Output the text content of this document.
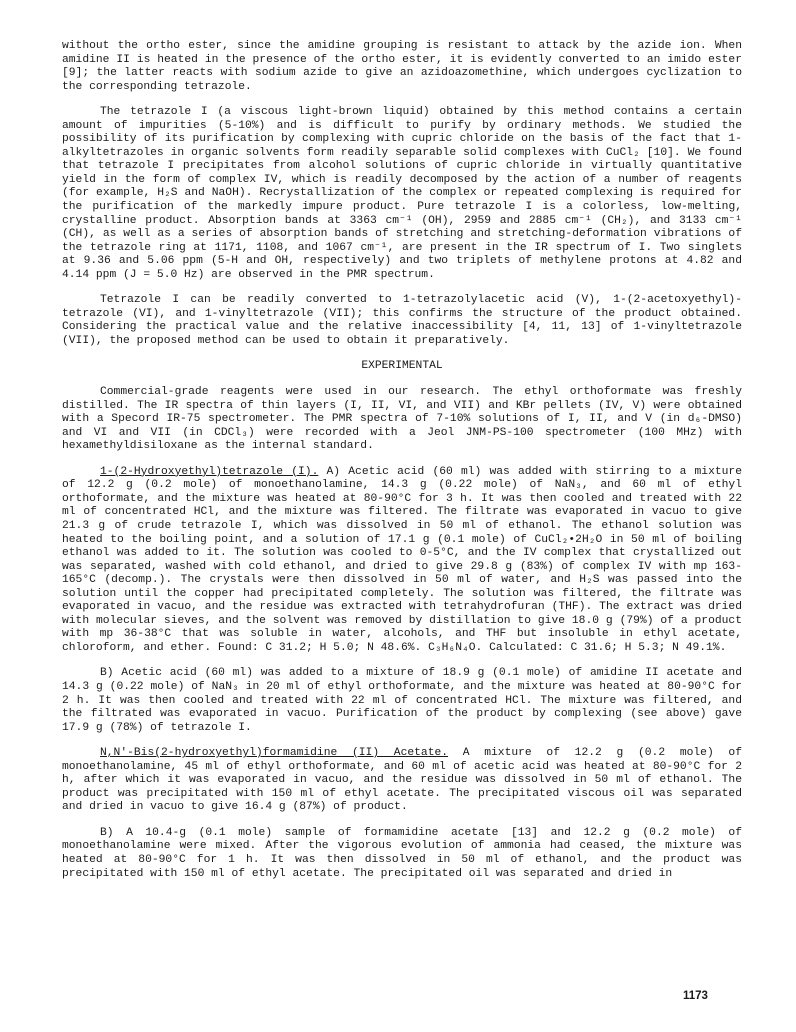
without the ortho ester, since the amidine grouping is resistant to attack by the azide ion. When amidine II is heated in the presence of the ortho ester, it is evidently converted to an imido ester [9]; the latter reacts with sodium azide to give an azidoazomethine, which undergoes cyclization to the corresponding tetrazole.

The tetrazole I (a viscous light-brown liquid) obtained by this method contains a certain amount of impurities (5-10%) and is difficult to purify by ordinary methods. We studied the possibility of its purification by complexing with cupric chloride on the basis of the fact that 1-alkyltetrazoles in organic solvents form readily separable solid complexes with CuCl₂ [10]. We found that tetrazole I precipitates from alcohol solutions of cupric chloride in virtually quantitative yield in the form of complex IV, which is readily decomposed by the action of a number of reagents (for example, H₂S and NaOH). Recrystallization of the complex or repeated complexing is required for the purification of the markedly impure product. Pure tetrazole I is a colorless, low-melting, crystalline product. Absorption bands at 3363 cm⁻¹ (OH), 2959 and 2885 cm⁻¹ (CH₂), and 3133 cm⁻¹ (CH), as well as a series of absorption bands of stretching and stretching-deformation vibrations of the tetrazole ring at 1171, 1108, and 1067 cm⁻¹, are present in the IR spectrum of I. Two singlets at 9.36 and 5.06 ppm (5-H and OH, respectively) and two triplets of methylene protons at 4.82 and 4.14 ppm (J = 5.0 Hz) are observed in the PMR spectrum.

Tetrazole I can be readily converted to 1-tetrazolylacetic acid (V), 1-(2-acetoxyethyl)-tetrazole (VI), and 1-vinyltetrazole (VII); this confirms the structure of the product obtained. Considering the practical value and the relative inaccessibility [4, 11, 13] of 1-vinyltetrazole (VII), the proposed method can be used to obtain it preparatively.

EXPERIMENTAL

Commercial-grade reagents were used in our research. The ethyl orthoformate was freshly distilled. The IR spectra of thin layers (I, II, VI, and VII) and KBr pellets (IV, V) were obtained with a Specord IR-75 spectrometer. The PMR spectra of 7-10% solutions of I, II, and V (in d₆-DMSO) and VI and VII (in CDCl₃) were recorded with a Jeol JNM-PS-100 spectrometer (100 MHz) with hexamethyldisiloxane as the internal standard.

1-(2-Hydroxyethyl)tetrazole (I). A) Acetic acid (60 ml) was added with stirring to a mixture of 12.2 g (0.2 mole) of monoethanolamine, 14.3 g (0.22 mole) of NaN₃, and 60 ml of ethyl orthoformate, and the mixture was heated at 80-90°C for 3 h. It was then cooled and treated with 22 ml of concentrated HCl, and the mixture was filtered. The filtrate was evaporated in vacuo to give 21.3 g of crude tetrazole I, which was dissolved in 50 ml of ethanol. The ethanol solution was heated to the boiling point, and a solution of 17.1 g (0.1 mole) of CuCl₂•2H₂O in 50 ml of boiling ethanol was added to it. The solution was cooled to 0-5°C, and the IV complex that crystallized out was separated, washed with cold ethanol, and dried to give 29.8 g (83%) of complex IV with mp 163-165°C (decomp.). The crystals were then dissolved in 50 ml of water, and H₂S was passed into the solution until the copper had precipitated completely. The solution was filtered, the filtrate was evaporated in vacuo, and the residue was extracted with tetrahydrofuran (THF). The extract was dried with molecular sieves, and the solvent was removed by distillation to give 18.0 g (79%) of a product with mp 36-38°C that was soluble in water, alcohols, and THF but insoluble in ethyl acetate, chloroform, and ether. Found: C 31.2; H 5.0; N 48.6%. C₃H₆N₄O. Calculated: C 31.6; H 5.3; N 49.1%.

B) Acetic acid (60 ml) was added to a mixture of 18.9 g (0.1 mole) of amidine II acetate and 14.3 g (0.22 mole) of NaN₃ in 20 ml of ethyl orthoformate, and the mixture was heated at 80-90°C for 2 h. It was then cooled and treated with 22 ml of concentrated HCl. The mixture was filtered, and the filtrated was evaporated in vacuo. Purification of the product by complexing (see above) gave 17.9 g (78%) of tetrazole I.

N,N'-Bis(2-hydroxyethyl)formamidine (II) Acetate. A mixture of 12.2 g (0.2 mole) of monoethanolamine, 45 ml of ethyl orthoformate, and 60 ml of acetic acid was heated at 80-90°C for 2 h, after which it was evaporated in vacuo, and the residue was dissolved in 50 ml of ethanol. The product was precipitated with 150 ml of ethyl acetate. The precipitated viscous oil was separated and dried in vacuo to give 16.4 g (87%) of product.

B) A 10.4-g (0.1 mole) sample of formamidine acetate [13] and 12.2 g (0.2 mole) of monoethanolamine were mixed. After the vigorous evolution of ammonia had ceased, the mixture was heated at 80-90°C for 1 h. It was then dissolved in 50 ml of ethanol, and the product was precipitated with 150 ml of ethyl acetate. The precipitated oil was separated and dried in

1173
